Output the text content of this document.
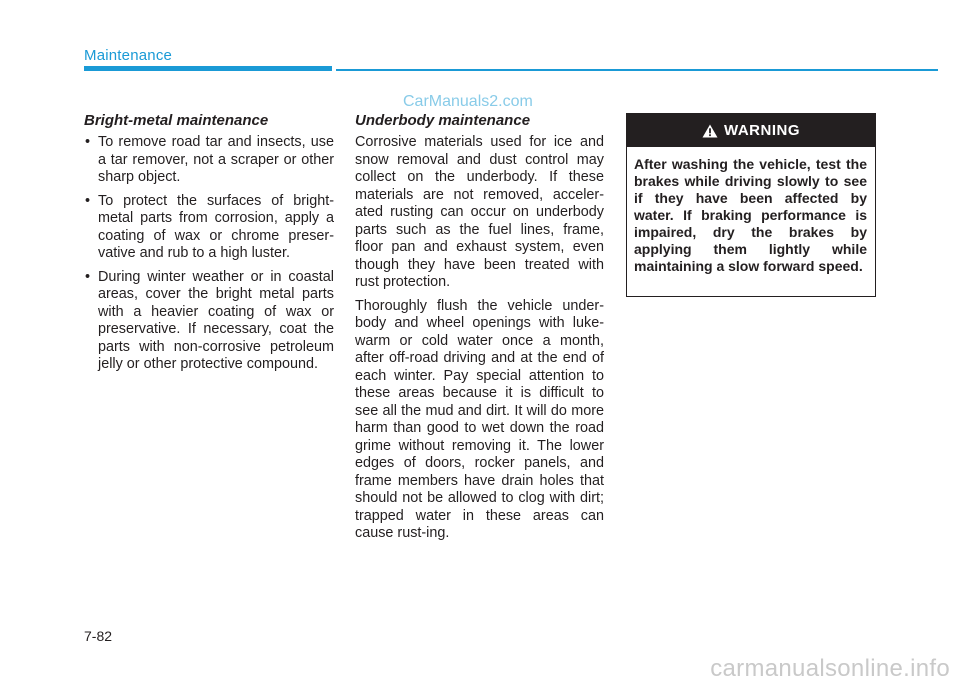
Maintenance
CarManuals2.com
Bright-metal maintenance
• To remove road tar and insects, use a tar remover, not a scraper or other sharp object.
• To protect the surfaces of bright-metal parts from corrosion, apply a coating of wax or chrome preser-vative and rub to a high luster.
• During winter weather or in coastal areas, cover the bright metal parts with a heavier coating of wax or preservative. If necessary, coat the parts with non-corrosive petroleum jelly or other protective compound.
Underbody maintenance

Corrosive materials used for ice and snow removal and dust control may collect on the underbody. If these materials are not removed, acceler-ated rusting can occur on underbody parts such as the fuel lines, frame, floor pan and exhaust system, even though they have been treated with rust protection.

Thoroughly flush the vehicle under-body and wheel openings with luke-warm or cold water once a month, after off-road driving and at the end of each winter. Pay special attention to these areas because it is difficult to see all the mud and dirt. It will do more harm than good to wet down the road grime without removing it. The lower edges of doors, rocker panels, and frame members have drain holes that should not be allowed to clog with dirt; trapped water in these areas can cause rust-ing.

WARNING
After washing the vehicle, test the brakes while driving slowly to see if they have been affected by water. If braking performance is impaired, dry the brakes by applying them lightly while maintaining a slow forward speed.
7-82
carmanualsonline.info
